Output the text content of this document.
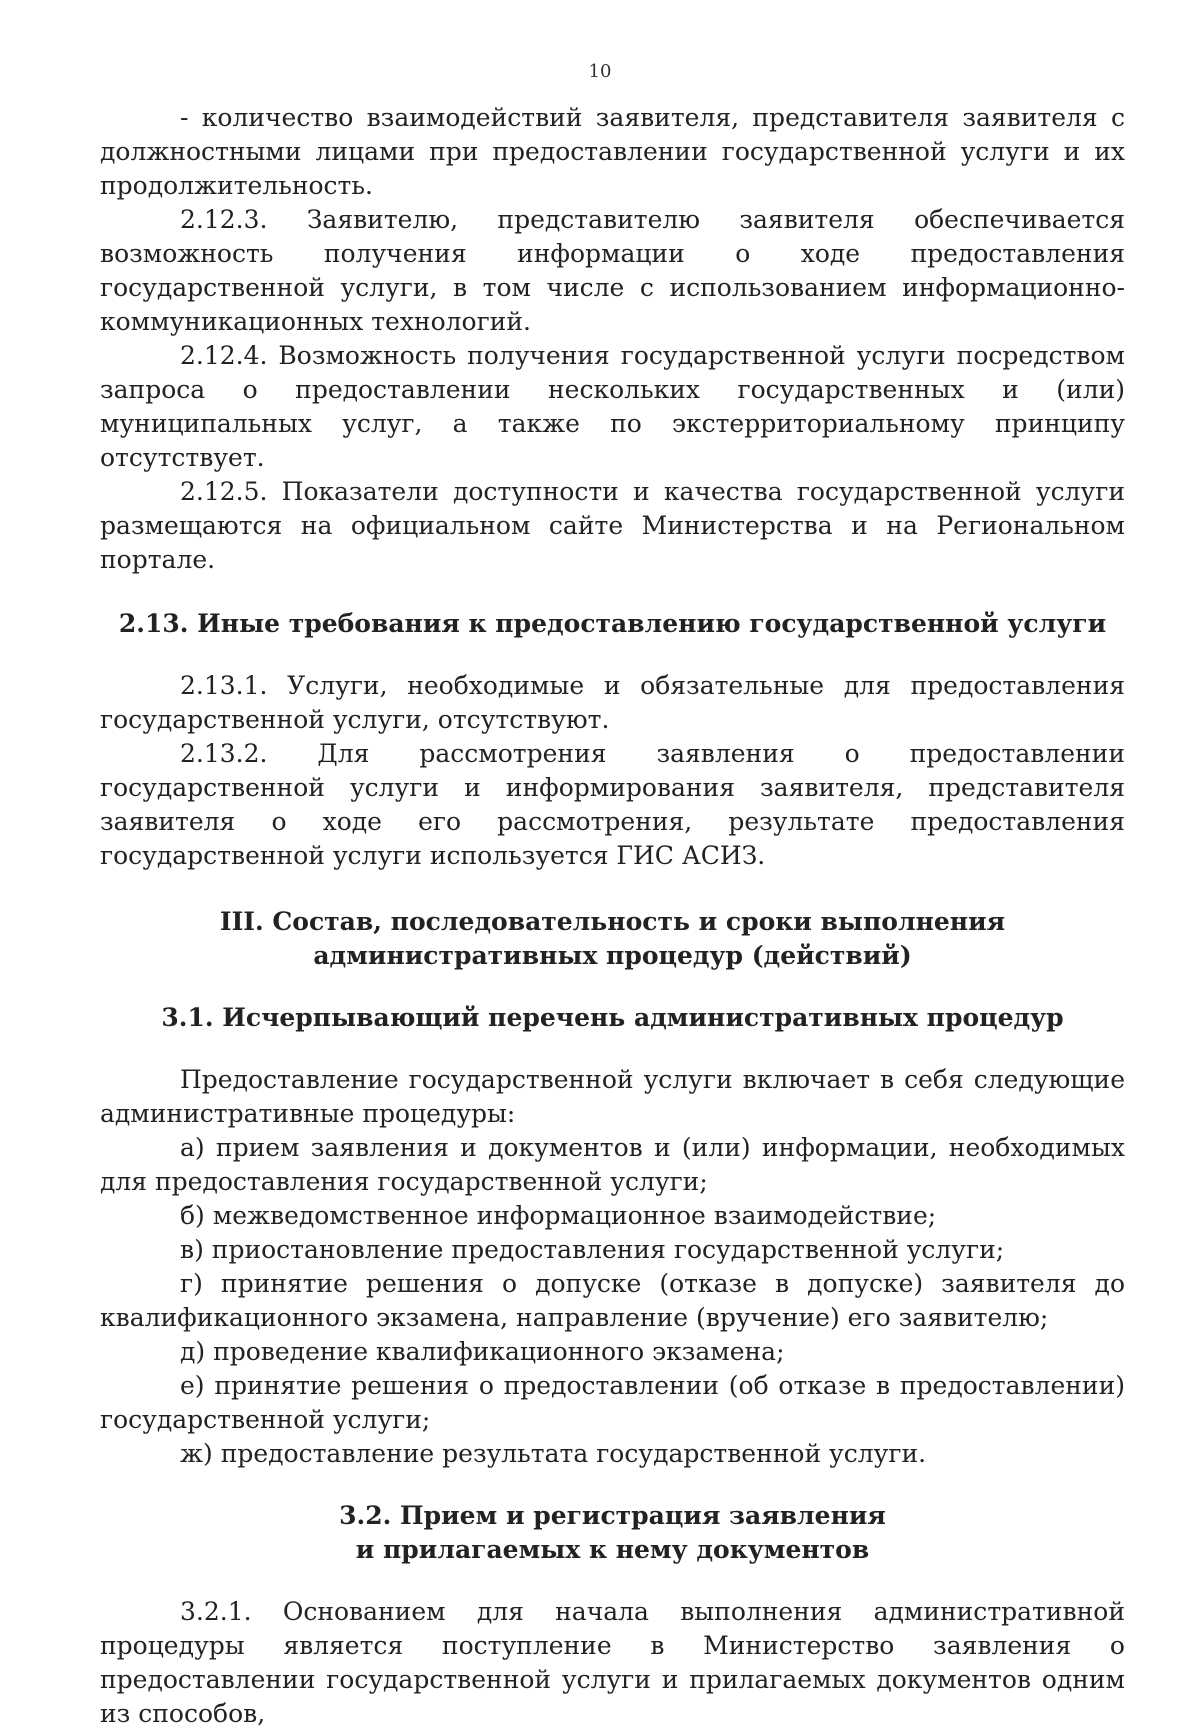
10

- количество взаимодействий заявителя, представителя заявителя с должностными лицами при предоставлении государственной услуги и их продолжительность.

2.12.3. Заявителю, представителю заявителя обеспечивается возможность получения информации о ходе предоставления государственной услуги, в том числе с использованием информационно-коммуникационных технологий.

2.12.4. Возможность получения государственной услуги посредством запроса о предоставлении нескольких государственных и (или) муниципальных услуг, а также по экстерриториальному принципу отсутствует.

2.12.5. Показатели доступности и качества государственной услуги размещаются на официальном сайте Министерства и на Региональном портале.

2.13. Иные требования к предоставлению государственной услуги

2.13.1. Услуги, необходимые и обязательные для предоставления государственной услуги, отсутствуют.

2.13.2. Для рассмотрения заявления о предоставлении государственной услуги и информирования заявителя, представителя заявителя о ходе его рассмотрения, результате предоставления государственной услуги используется ГИС АСИЗ.

III. Состав, последовательность и сроки выполнения
административных процедур (действий)
3.1. Исчерпывающий перечень административных процедур

Предоставление государственной услуги включает в себя следующие административные процедуры:

а) прием заявления и документов и (или) информации, необходимых для предоставления государственной услуги;

б) межведомственное информационное взаимодействие;

в) приостановление предоставления государственной услуги;

г) принятие решения о допуске (отказе в допуске) заявителя до квалификационного экзамена, направление (вручение) его заявителю;

д) проведение квалификационного экзамена;

е) принятие решения о предоставлении (об отказе в предоставлении) государственной услуги;

ж) предоставление результата государственной услуги.

3.2. Прием и регистрация заявления
и прилагаемых к нему документов

3.2.1. Основанием для начала выполнения административной процедуры является поступление в Министерство заявления о предоставлении государственной услуги и прилагаемых документов одним из способов,
